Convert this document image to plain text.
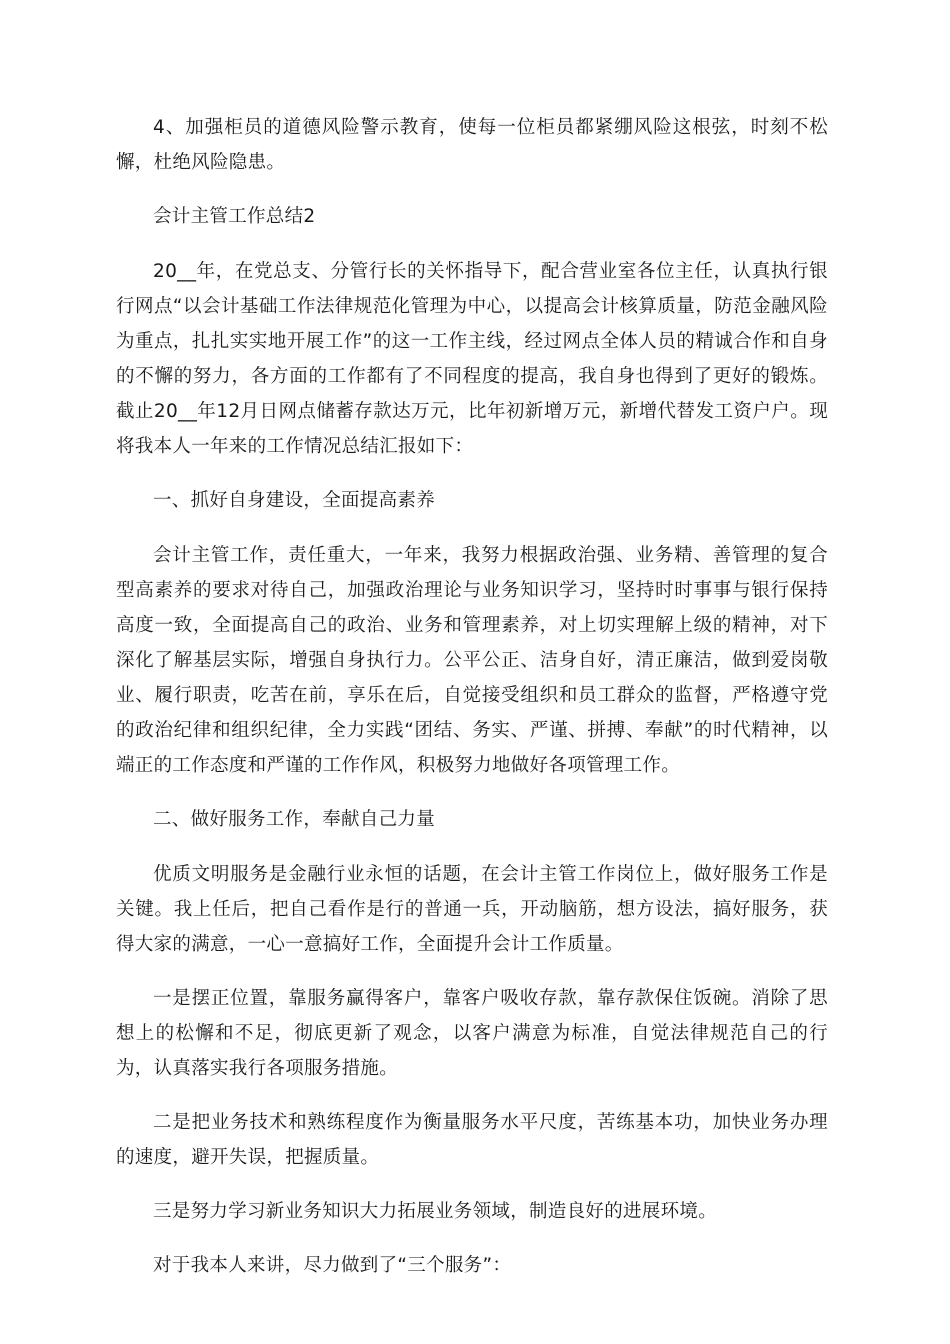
4、加强柜员的道德风险警示教育，使每一位柜员都紧绷风险这根弦，时刻不松懈，杜绝风险隐患。

会计主管工作总结2

20__年，在党总支、分管行长的关怀指导下，配合营业室各位主任，认真执行银行网点“以会计基础工作法律规范化管理为中心，以提高会计核算质量，防范金融风险为重点，扎扎实实地开展工作”的这一工作主线，经过网点全体人员的精诚合作和自身的不懈的努力，各方面的工作都有了不同程度的提高，我自身也得到了更好的锻炼。截止20__年12月日网点储蓄存款达万元，比年初新增万元，新增代替发工资户户。现将我本人一年来的工作情况总结汇报如下：

一、抓好自身建设，全面提高素养

会计主管工作，责任重大，一年来，我努力根据政治强、业务精、善管理的复合型高素养的要求对待自己，加强政治理论与业务知识学习，坚持时时事事与银行保持高度一致，全面提高自己的政治、业务和管理素养，对上切实理解上级的精神，对下深化了解基层实际，增强自身执行力。公平公正、洁身自好，清正廉洁，做到爱岗敬业、履行职责，吃苦在前，享乐在后，自觉接受组织和员工群众的监督，严格遵守党的政治纪律和组织纪律，全力实践“团结、务实、严谨、拼搏、奉献”的时代精神，以端正的工作态度和严谨的工作作风，积极努力地做好各项管理工作。

二、做好服务工作，奉献自己力量

优质文明服务是金融行业永恒的话题，在会计主管工作岗位上，做好服务工作是关键。我上任后，把自己看作是行的普通一兵，开动脑筋，想方设法，搞好服务，获得大家的满意，一心一意搞好工作，全面提升会计工作质量。

一是摆正位置，靠服务赢得客户，靠客户吸收存款，靠存款保住饭碗。消除了思想上的松懈和不足，彻底更新了观念，以客户满意为标准，自觉法律规范自己的行为，认真落实我行各项服务措施。

二是把业务技术和熟练程度作为衡量服务水平尺度，苦练基本功，加快业务办理的速度，避开失误，把握质量。

三是努力学习新业务知识大力拓展业务领域，制造良好的进展环境。

对于我本人来讲，尽力做到了“三个服务”：
